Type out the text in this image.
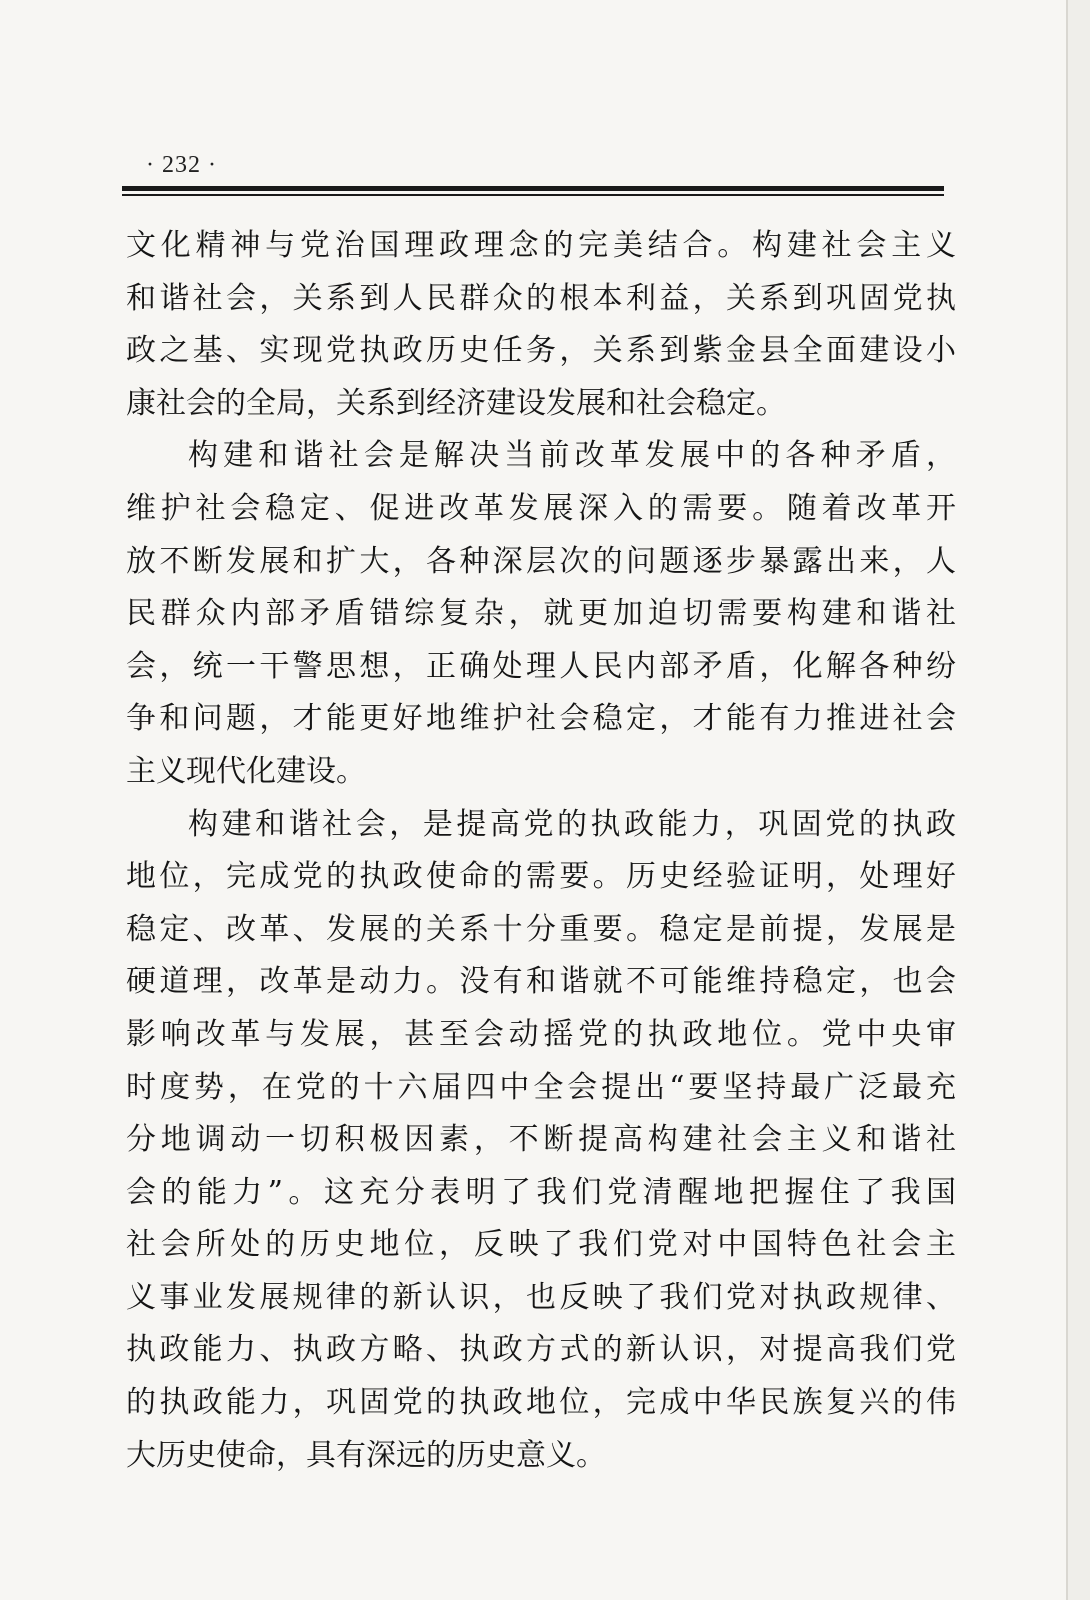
· 232 ·
文化精神与党治国理政理念的完美结合。构建社会主义
和谐社会，关系到人民群众的根本利益，关系到巩固党执
政之基、实现党执政历史任务，关系到紫金县全面建设小
康社会的全局，关系到经济建设发展和社会稳定。
构建和谐社会是解决当前改革发展中的各种矛盾，
维护社会稳定、促进改革发展深入的需要。随着改革开
放不断发展和扩大，各种深层次的问题逐步暴露出来，人
民群众内部矛盾错综复杂，就更加迫切需要构建和谐社
会，统一干警思想，正确处理人民内部矛盾，化解各种纷
争和问题，才能更好地维护社会稳定，才能有力推进社会
主义现代化建设。
构建和谐社会，是提高党的执政能力，巩固党的执政
地位，完成党的执政使命的需要。历史经验证明，处理好
稳定、改革、发展的关系十分重要。稳定是前提，发展是
硬道理，改革是动力。没有和谐就不可能维持稳定，也会
影响改革与发展，甚至会动摇党的执政地位。党中央审
时度势，在党的十六届四中全会提出“要坚持最广泛最充
分地调动一切积极因素，不断提高构建社会主义和谐社
会的能力”。这充分表明了我们党清醒地把握住了我国
社会所处的历史地位，反映了我们党对中国特色社会主
义事业发展规律的新认识，也反映了我们党对执政规律、
执政能力、执政方略、执政方式的新认识，对提高我们党
的执政能力，巩固党的执政地位，完成中华民族复兴的伟
大历史使命，具有深远的历史意义。
